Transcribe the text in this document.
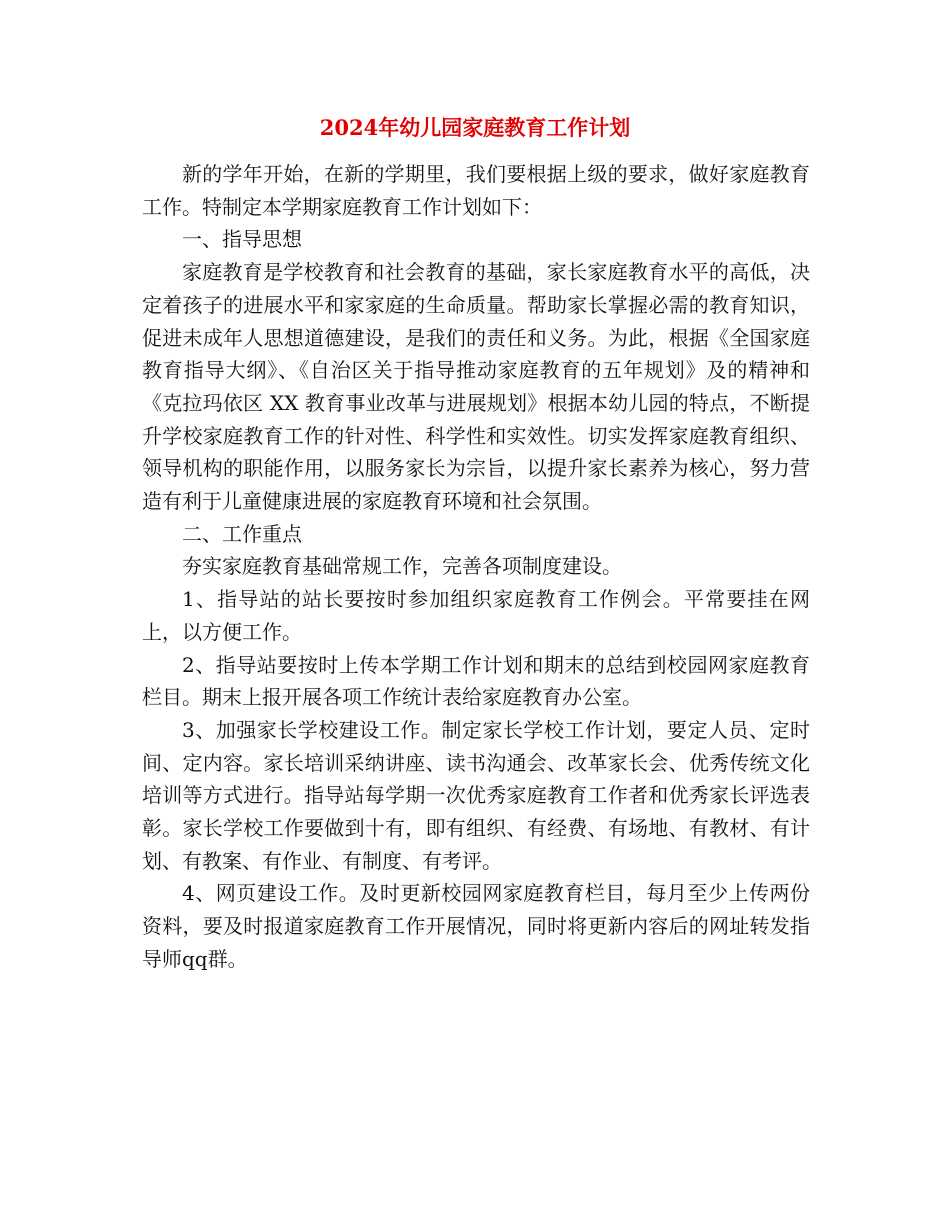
2024年幼儿园家庭教育工作计划

新的学年开始，在新的学期里，我们要根据上级的要求，做好家庭教育工作。特制定本学期家庭教育工作计划如下：

一、指导思想

家庭教育是学校教育和社会教育的基础，家长家庭教育水平的高低，决定着孩子的进展水平和家家庭的生命质量。帮助家长掌握必需的教育知识，促进未成年人思想道德建设，是我们的责任和义务。为此，根据《全国家庭教育指导大纲》、《自治区关于指导推动家庭教育的五年规划》及的精神和《克拉玛依区 XX 教育事业改革与进展规划》根据本幼儿园的特点，不断提升学校家庭教育工作的针对性、科学性和实效性。切实发挥家庭教育组织、领导机构的职能作用，以服务家长为宗旨，以提升家长素养为核心，努力营造有利于儿童健康进展的家庭教育环境和社会氛围。

二、工作重点

夯实家庭教育基础常规工作，完善各项制度建设。

1、指导站的站长要按时参加组织家庭教育工作例会。平常要挂在网上，以方便工作。

2、指导站要按时上传本学期工作计划和期末的总结到校园网家庭教育栏目。期末上报开展各项工作统计表给家庭教育办公室。

3、加强家长学校建设工作。制定家长学校工作计划，要定人员、定时间、定内容。家长培训采纳讲座、读书沟通会、改革家长会、优秀传统文化培训等方式进行。指导站每学期一次优秀家庭教育工作者和优秀家长评选表彰。家长学校工作要做到十有，即有组织、有经费、有场地、有教材、有计划、有教案、有作业、有制度、有考评。

4、网页建设工作。及时更新校园网家庭教育栏目，每月至少上传两份资料，要及时报道家庭教育工作开展情况，同时将更新内容后的网址转发指导师qq群。
